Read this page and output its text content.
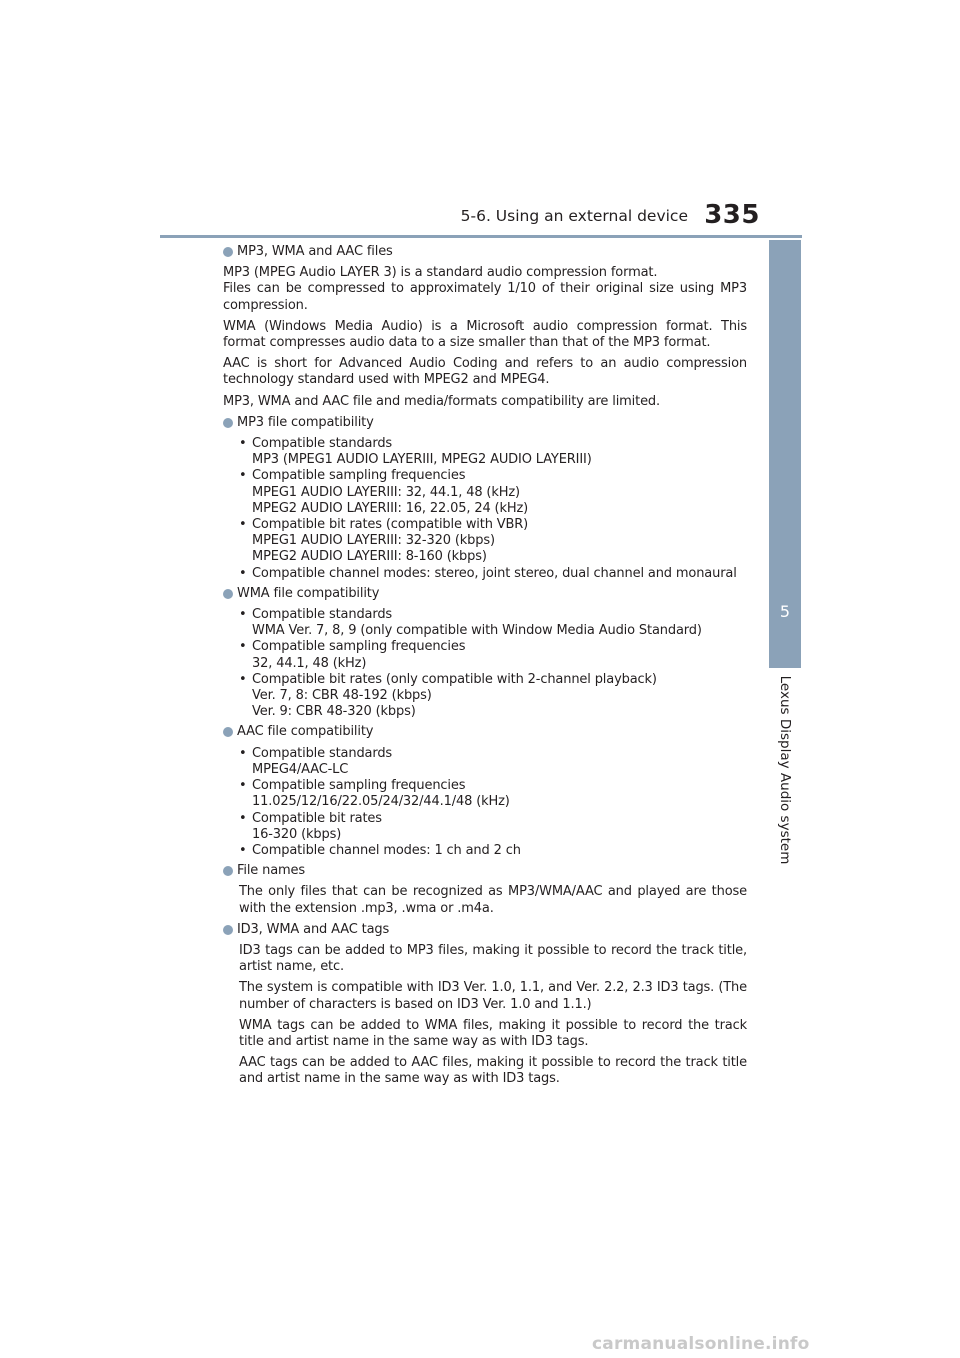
5-6. Using an external device 335
5
Lexus Display Audio system
MP3, WMA and AAC files

MP3 (MPEG Audio LAYER 3) is a standard audio compression format.

Files can be compressed to approximately 1/10 of their original size using MP3 compression.

WMA (Windows Media Audio) is a Microsoft audio compression format. This format compresses audio data to a size smaller than that of the MP3 format.

AAC is short for Advanced Audio Coding and refers to an audio compression technology standard used with MPEG2 and MPEG4.

MP3, WMA and AAC file and media/formats compatibility are limited.

MP3 file compatibility
• Compatible standards
MP3 (MPEG1 AUDIO LAYERIII, MPEG2 AUDIO LAYERIII)
• Compatible sampling frequencies
MPEG1 AUDIO LAYERIII: 32, 44.1, 48 (kHz)
MPEG2 AUDIO LAYERIII: 16, 22.05, 24 (kHz)
• Compatible bit rates (compatible with VBR)
MPEG1 AUDIO LAYERIII: 32-320 (kbps)
MPEG2 AUDIO LAYERIII: 8-160 (kbps)
• Compatible channel modes: stereo, joint stereo, dual channel and monaural
WMA file compatibility
• Compatible standards
WMA Ver. 7, 8, 9 (only compatible with Window Media Audio Standard)
• Compatible sampling frequencies
32, 44.1, 48 (kHz)
• Compatible bit rates (only compatible with 2-channel playback)
Ver. 7, 8: CBR 48-192 (kbps)
Ver. 9: CBR 48-320 (kbps)
AAC file compatibility
• Compatible standards
MPEG4/AAC-LC
• Compatible sampling frequencies
11.025/12/16/22.05/24/32/44.1/48 (kHz)
• Compatible bit rates
16-320 (kbps)
• Compatible channel modes: 1 ch and 2 ch
File names

The only files that can be recognized as MP3/WMA/AAC and played are those with the extension .mp3, .wma or .m4a.

ID3, WMA and AAC tags

ID3 tags can be added to MP3 files, making it possible to record the track title, artist name, etc.

The system is compatible with ID3 Ver. 1.0, 1.1, and Ver. 2.2, 2.3 ID3 tags. (The number of characters is based on ID3 Ver. 1.0 and 1.1.)

WMA tags can be added to WMA files, making it possible to record the track title and artist name in the same way as with ID3 tags.

AAC tags can be added to AAC files, making it possible to record the track title and artist name in the same way as with ID3 tags.

carmanualsonline.info
